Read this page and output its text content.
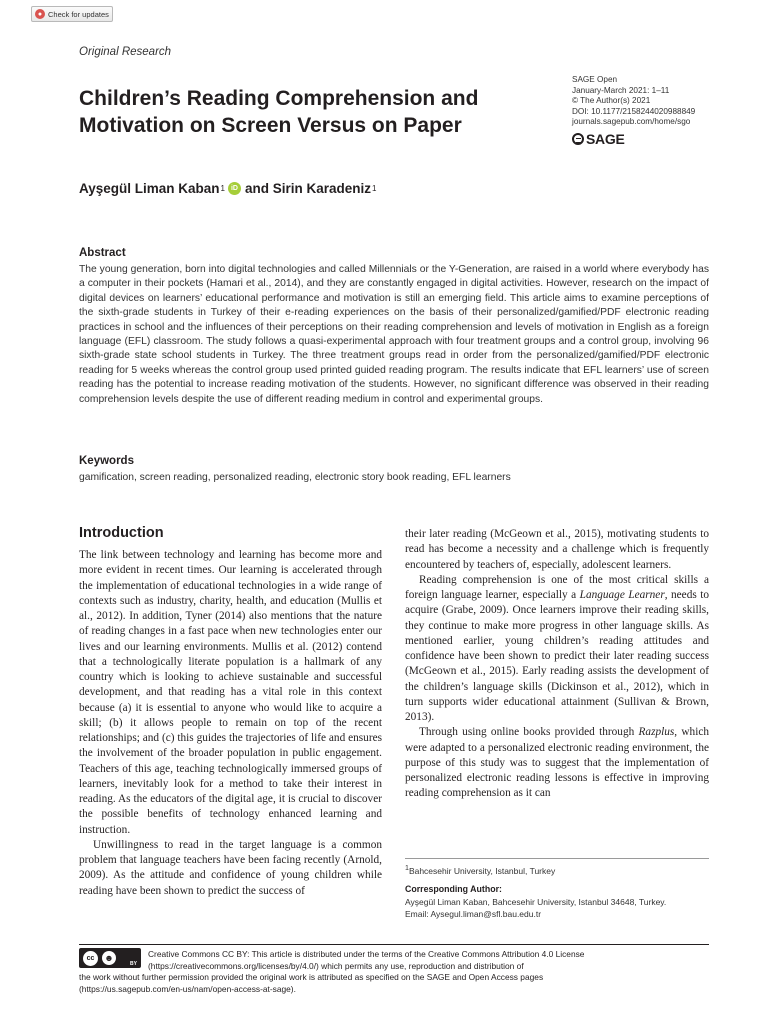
● Check for updates
Original Research
Children’s Reading Comprehension and Motivation on Screen Versus on Paper
SAGE Open
January-March 2021: 1–11
© The Author(s) 2021
DOI: 10.1177/2158244020988849
journals.sagepub.com/home/sgo
SAGE
Ayşegül Liman Kaban 1 iD and Sirin Karadeniz 1
Abstract
The young generation, born into digital technologies and called Millennials or the Y-Generation, are raised in a world where everybody has a computer in their pockets (Hamari et al., 2014), and they are constantly engaged in digital activities. However, research on the impact of digital devices on learners’ educational performance and motivation is still an emerging field. This article aims to examine perceptions of the sixth-grade students in Turkey of their e-reading experiences on the basis of their personalized/gamified/PDF electronic reading practices in school and the influences of their perceptions on their reading comprehension and levels of motivation in English as a foreign language (EFL) classroom. The study follows a quasi-experimental approach with four treatment groups and a control group, involving 96 sixth-grade state school students in Turkey. The three treatment groups read in order from the personalized/gamified/PDF electronic reading for 5 weeks whereas the control group used printed guided reading program. The results indicate that EFL learners’ use of screen reading has the potential to increase reading motivation of the students. However, no significant difference was observed in their reading comprehension levels despite the use of different reading medium in control and experimental groups.
Keywords
gamification, screen reading, personalized reading, electronic story book reading, EFL learners
Introduction

The link between technology and learning has become more and more evident in recent times. Our learning is accelerated through the implementation of educational technologies in a wide range of contexts such as industry, charity, health, and education (Mullis et al., 2012). In addition, Tyner (2014) also mentions that the nature of reading changes in a fast pace when new technologies enter our lives and our learning environments. Mullis et al. (2012) contend that a technologically literate population is a hallmark of any country which is looking to achieve sustainable and successful development, and that reading has a vital role in this context because (a) it is essential to anyone who would like to acquire a skill; (b) it allows people to remain on top of the recent relationships; and (c) this guides the trajectories of life and ensures the involvement of the broader population in public engagement. Teachers of this age, teaching technologically immersed groups of learners, inevitably look for a method to take their interest in reading. As the educators of the digital age, it is crucial to discover the possible benefits of technology enhanced learning and instruction.

Unwillingness to read in the target language is a common problem that language teachers have been facing recently (Arnold, 2009). As the attitude and confidence of young children while reading have been shown to predict the success of

their later reading (McGeown et al., 2015), motivating students to read has become a necessity and a challenge which is frequently encountered by teachers of, especially, adolescent learners.

Reading comprehension is one of the most critical skills a foreign language learner, especially a Language Learner, needs to acquire (Grabe, 2009). Once learners improve their reading skills, they continue to make more progress in other language skills. As mentioned earlier, young children’s reading attitudes and confidence have been shown to predict their later reading success (McGeown et al., 2015). Early reading assists the development of the children’s language skills (Dickinson et al., 2012), which in turn supports wider educational attainment (Sullivan & Brown, 2013).

Through using online books provided through Razplus, which were adapted to a personalized electronic reading environment, the purpose of this study was to suggest that the implementation of personalized electronic reading lessons is effective in improving reading comprehension as it can

$^1$Bahcesehir University, Istanbul, Turkey
Corresponding Author:
Ayşegül Liman Kaban, Bahcesehir University, Istanbul 34648, Turkey.
Email: Aysegul.liman@sfl.bau.edu.tr
cc	☻
BY
Creative Commons CC BY: This article is distributed under the terms of the Creative Commons Attribution 4.0 License
(https://creativecommons.org/licenses/by/4.0/) which permits any use, reproduction and distribution of
the work without further permission provided the original work is attributed as specified on the SAGE and Open Access pages
(https://us.sagepub.com/en-us/nam/open-access-at-sage).
